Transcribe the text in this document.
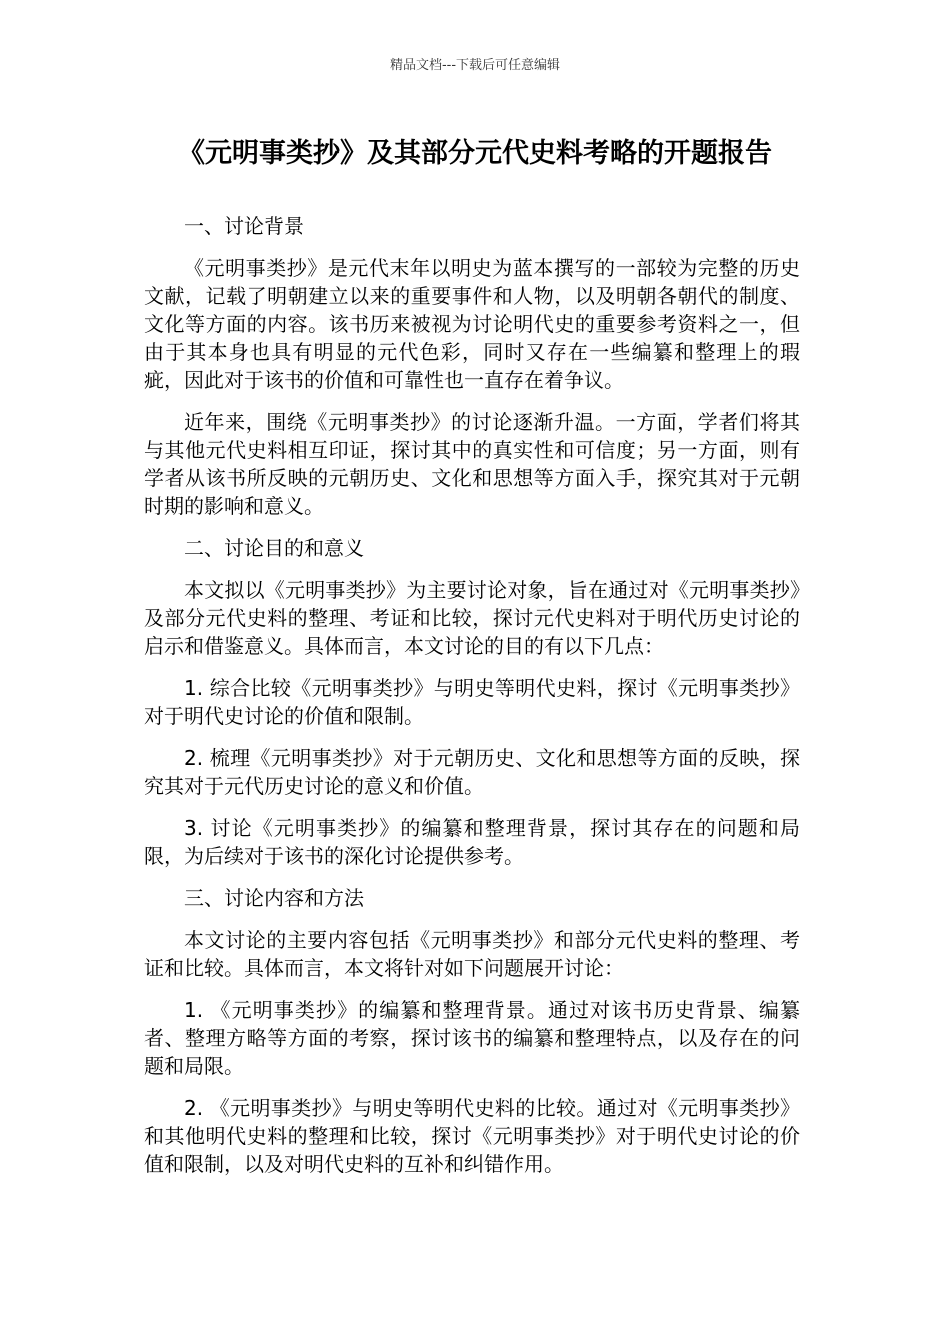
精品文档---下载后可任意编辑
《元明事类抄》及其部分元代史料考略的开题报告

一、讨论背景

《元明事类抄》是元代末年以明史为蓝本撰写的一部较为完整的历史文献，记载了明朝建立以来的重要事件和人物，以及明朝各朝代的制度、文化等方面的内容。该书历来被视为讨论明代史的重要参考资料之一，但由于其本身也具有明显的元代色彩，同时又存在一些编纂和整理上的瑕疵，因此对于该书的价值和可靠性也一直存在着争议。

近年来，围绕《元明事类抄》的讨论逐渐升温。一方面，学者们将其与其他元代史料相互印证，探讨其中的真实性和可信度；另一方面，则有学者从该书所反映的元朝历史、文化和思想等方面入手，探究其对于元朝时期的影响和意义。

二、讨论目的和意义

本文拟以《元明事类抄》为主要讨论对象，旨在通过对《元明事类抄》及部分元代史料的整理、考证和比较，探讨元代史料对于明代历史讨论的启示和借鉴意义。具体而言，本文讨论的目的有以下几点：

1. 综合比较《元明事类抄》与明史等明代史料，探讨《元明事类抄》对于明代史讨论的价值和限制。

2. 梳理《元明事类抄》对于元朝历史、文化和思想等方面的反映，探究其对于元代历史讨论的意义和价值。

3. 讨论《元明事类抄》的编纂和整理背景，探讨其存在的问题和局限，为后续对于该书的深化讨论提供参考。

三、讨论内容和方法

本文讨论的主要内容包括《元明事类抄》和部分元代史料的整理、考证和比较。具体而言，本文将针对如下问题展开讨论：

1. 《元明事类抄》的编纂和整理背景。通过对该书历史背景、编纂者、整理方略等方面的考察，探讨该书的编纂和整理特点，以及存在的问题和局限。

2. 《元明事类抄》与明史等明代史料的比较。通过对《元明事类抄》和其他明代史料的整理和比较，探讨《元明事类抄》对于明代史讨论的价值和限制，以及对明代史料的互补和纠错作用。
